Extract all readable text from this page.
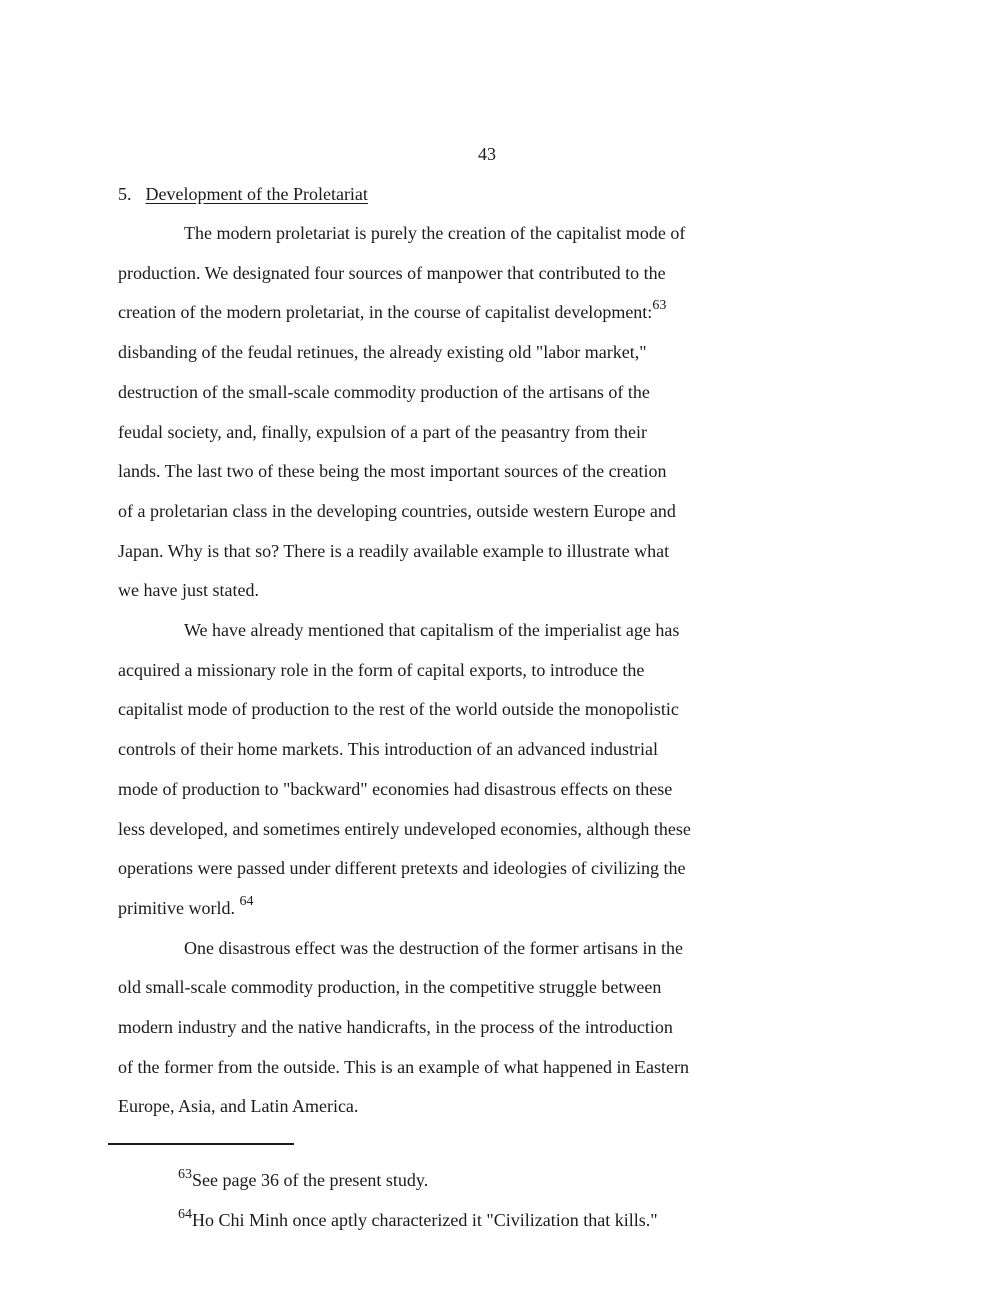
43
5. Development of the Proletariat

The modern proletariat is purely the creation of the capitalist mode of
production. We designated four sources of manpower that contributed to the
creation of the modern proletariat, in the course of capitalist development:$^{63}$
disbanding of the feudal retinues, the already existing old "labor market,"
destruction of the small-scale commodity production of the artisans of the
feudal society, and, finally, expulsion of a part of the peasantry from their
lands. The last two of these being the most important sources of the creation
of a proletarian class in the developing countries, outside western Europe and
Japan. Why is that so? There is a readily available example to illustrate what
we have just stated.

We have already mentioned that capitalism of the imperialist age has
acquired a missionary role in the form of capital exports, to introduce the
capitalist mode of production to the rest of the world outside the monopolistic
controls of their home markets. This introduction of an advanced industrial
mode of production to "backward" economies had disastrous effects on these
less developed, and sometimes entirely undeveloped economies, although these
operations were passed under different pretexts and ideologies of civilizing the
primitive world. $^{64}$

One disastrous effect was the destruction of the former artisans in the
old small-scale commodity production, in the competitive struggle between
modern industry and the native handicrafts, in the process of the introduction
of the former from the outside. This is an example of what happened in Eastern
Europe, Asia, and Latin America.

$^{63}$See page 36 of the present study.

$^{64}$Ho Chi Minh once aptly characterized it "Civilization that kills."
